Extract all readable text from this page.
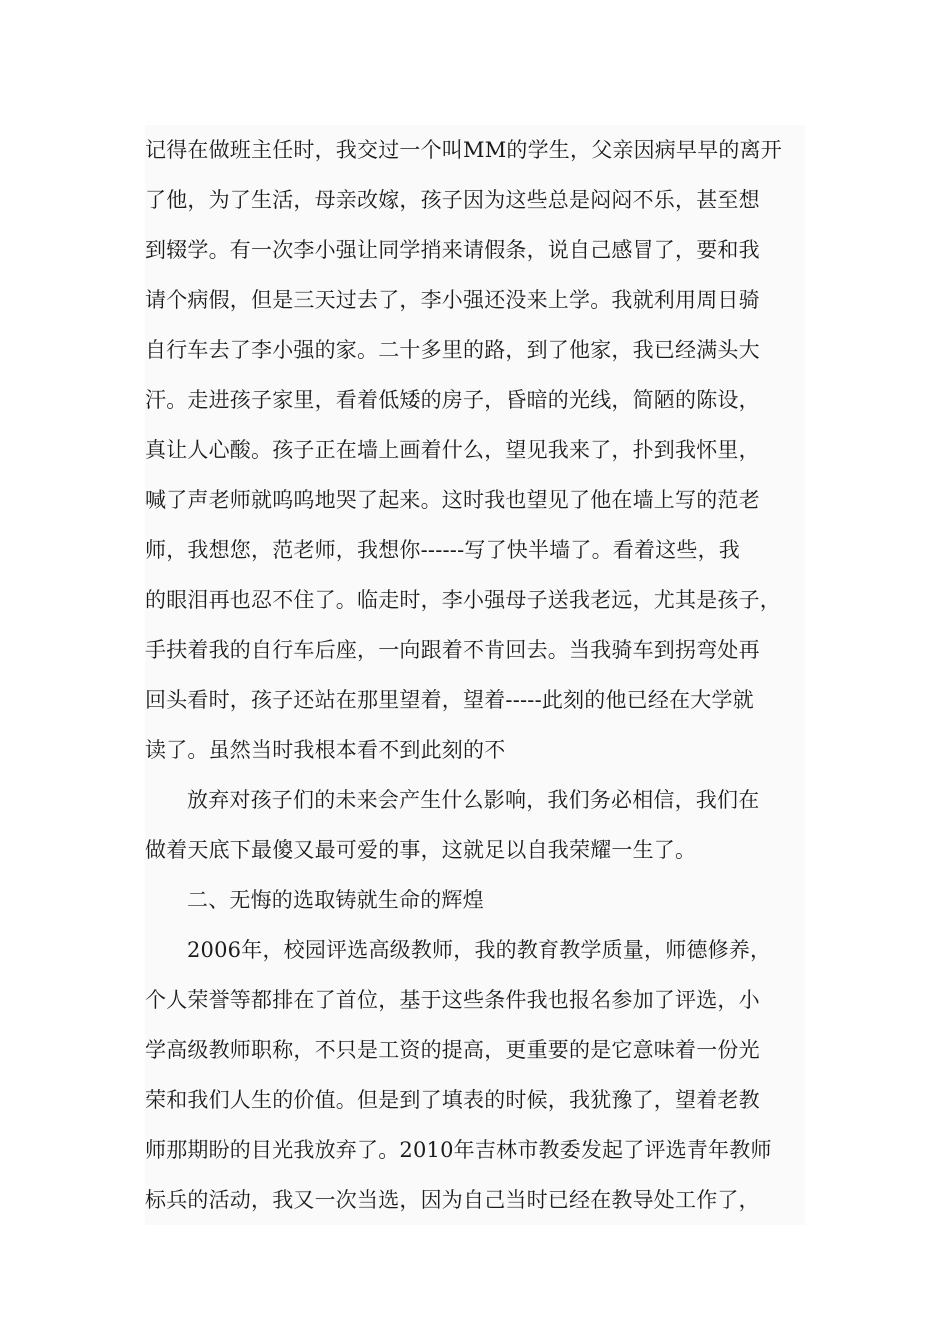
记得在做班主任时，我交过一个叫MM的学生，父亲因病早早的离开
了他，为了生活，母亲改嫁，孩子因为这些总是闷闷不乐，甚至想
到辍学。有一次李小强让同学捎来请假条，说自己感冒了，要和我
请个病假，但是三天过去了，李小强还没来上学。我就利用周日骑
自行车去了李小强的家。二十多里的路，到了他家，我已经满头大
汗。走进孩子家里，看着低矮的房子，昏暗的光线，简陋的陈设，
真让人心酸。孩子正在墙上画着什么，望见我来了，扑到我怀里，
喊了声老师就呜呜地哭了起来。这时我也望见了他在墙上写的范老
师，我想您，范老师，我想你------写了快半墙了。看着这些，我
的眼泪再也忍不住了。临走时，李小强母子送我老远，尤其是孩子，
手扶着我的自行车后座，一向跟着不肯回去。当我骑车到拐弯处再
回头看时，孩子还站在那里望着，望着-----此刻的他已经在大学就
读了。虽然当时我根本看不到此刻的不
放弃对孩子们的未来会产生什么影响，我们务必相信，我们在
做着天底下最傻又最可爱的事，这就足以自我荣耀一生了。
二、无悔的选取铸就生命的辉煌
2006年，校园评选高级教师，我的教育教学质量，师德修养，
个人荣誉等都排在了首位，基于这些条件我也报名参加了评选，小
学高级教师职称，不只是工资的提高，更重要的是它意味着一份光
荣和我们人生的价值。但是到了填表的时候，我犹豫了，望着老教
师那期盼的目光我放弃了。2010年吉林市教委发起了评选青年教师
标兵的活动，我又一次当选，因为自己当时已经在教导处工作了，
